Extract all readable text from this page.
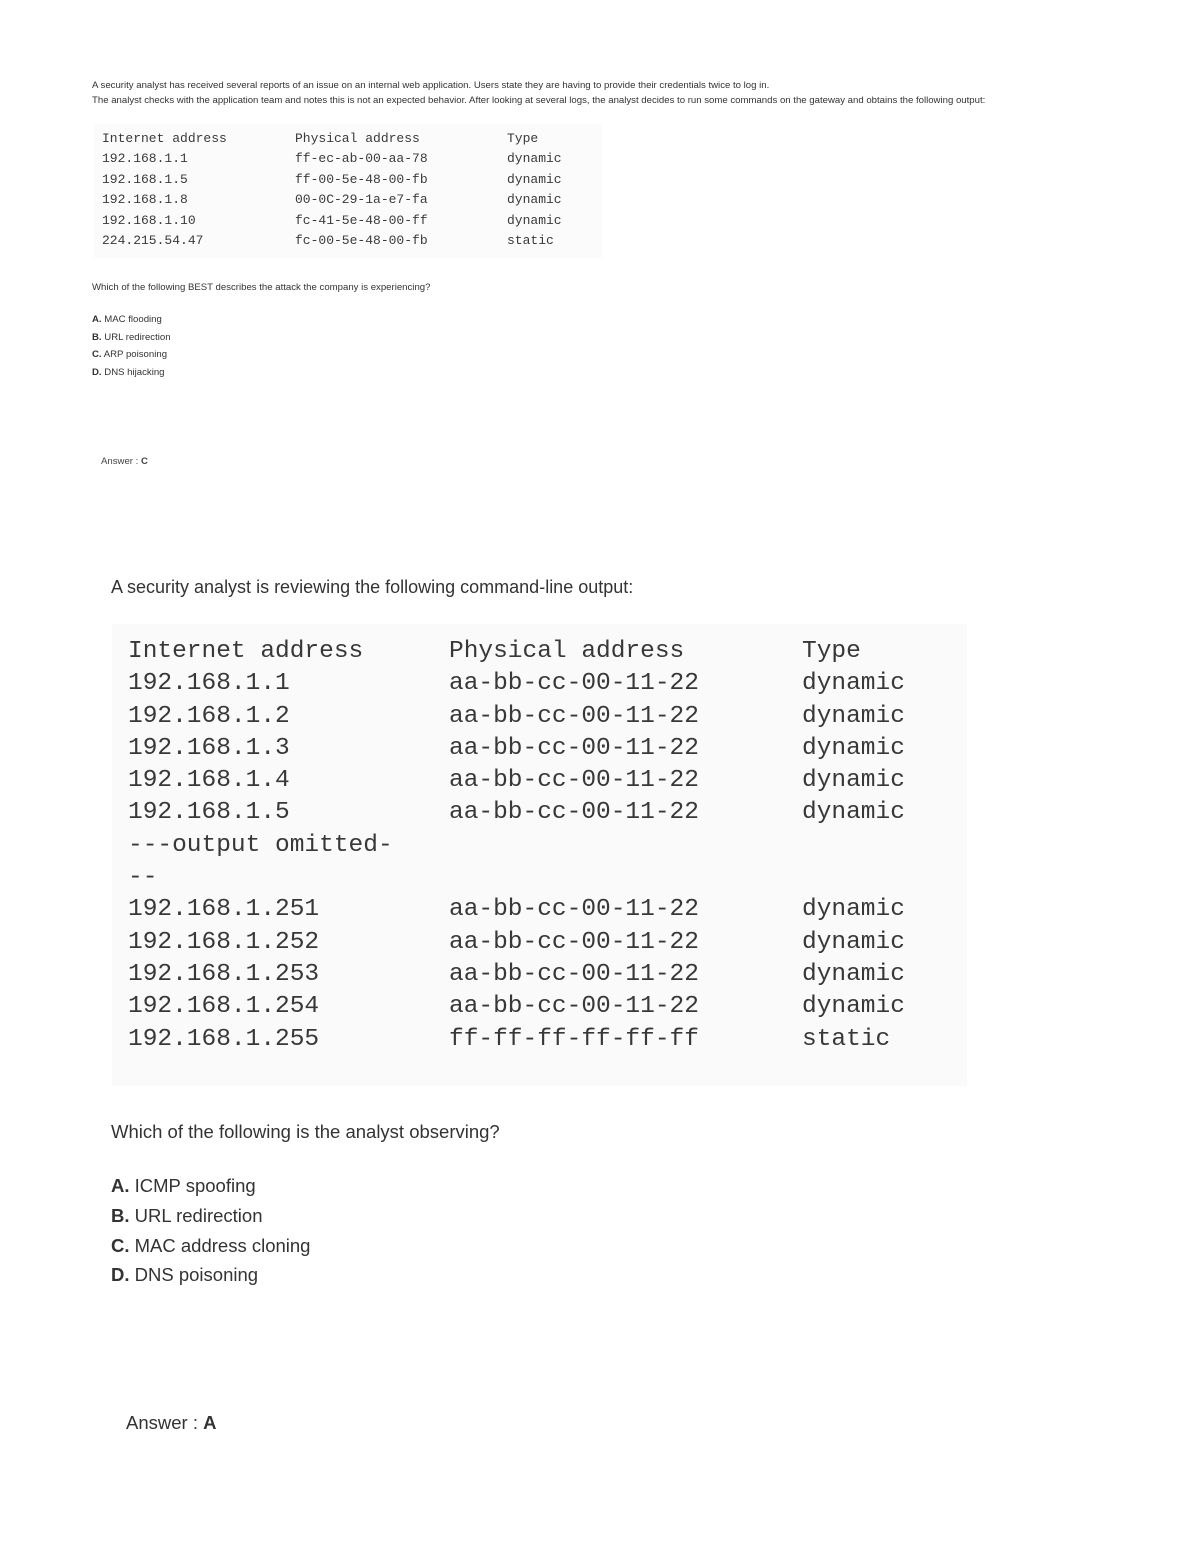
A security analyst has received several reports of an issue on an internal web application. Users state they are having to provide their credentials twice to log in.
The analyst checks with the application team and notes this is not an expected behavior. After looking at several logs, the analyst decides to run some commands on the gateway and obtains the following output:
Internet address	Physical address	Type
192.168.1.1	ff-ec-ab-00-aa-78	dynamic
192.168.1.5	ff-00-5e-48-00-fb	dynamic
192.168.1.8	00-0C-29-1a-e7-fa	dynamic
192.168.1.10	fc-41-5e-48-00-ff	dynamic
224.215.54.47	fc-00-5e-48-00-fb	static
Which of the following BEST describes the attack the company is experiencing?
A. MAC flooding
B. URL redirection
C. ARP poisoning
D. DNS hijacking
Answer : C
A security analyst is reviewing the following command-line output:
Internet address	Physical address	Type
192.168.1.1	aa-bb-cc-00-11-22	dynamic
192.168.1.2	aa-bb-cc-00-11-22	dynamic
192.168.1.3	aa-bb-cc-00-11-22	dynamic
192.168.1.4	aa-bb-cc-00-11-22	dynamic
192.168.1.5	aa-bb-cc-00-11-22	dynamic
---output omitted-
--
192.168.1.251	aa-bb-cc-00-11-22	dynamic
192.168.1.252	aa-bb-cc-00-11-22	dynamic
192.168.1.253	aa-bb-cc-00-11-22	dynamic
192.168.1.254	aa-bb-cc-00-11-22	dynamic
192.168.1.255	ff-ff-ff-ff-ff-ff	static
Which of the following is the analyst observing?
A. ICMP spoofing
B. URL redirection
C. MAC address cloning
D. DNS poisoning
Answer : A
